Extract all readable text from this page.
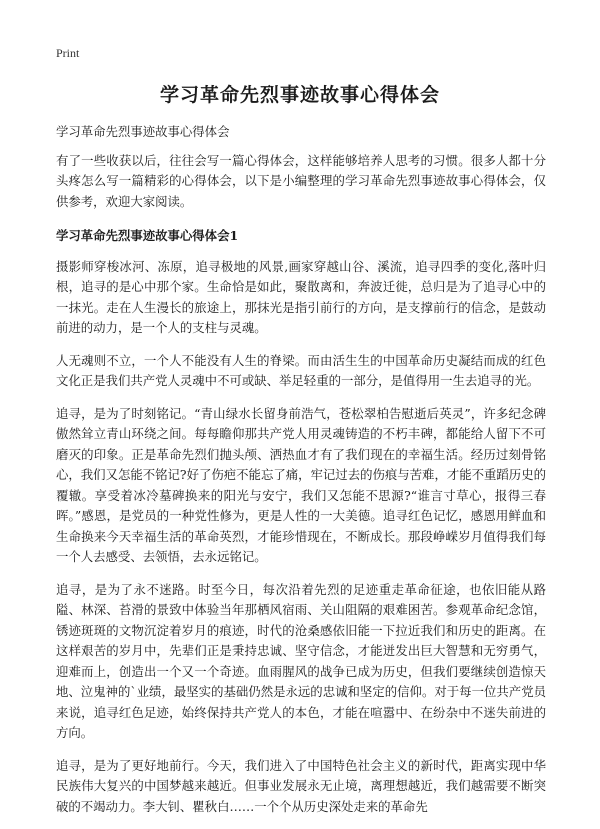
Print
学习革命先烈事迹故事心得体会

学习革命先烈事迹故事心得体会

有了一些收获以后，往往会写一篇心得体会，这样能够培养人思考的习惯。很多人都十分头疼怎么写一篇精彩的心得体会，以下是小编整理的学习革命先烈事迹故事心得体会，仅供参考，欢迎大家阅读。

学习革命先烈事迹故事心得体会1

摄影师穿梭冰河、冻原，追寻极地的风景,画家穿越山谷、溪流，追寻四季的变化,落叶归根，追寻的是心中那个家。生命恰是如此，聚散离和，奔波迁徙，总归是为了追寻心中的一抹光。走在人生漫长的旅途上，那抹光是指引前行的方向，是支撑前行的信念，是鼓动前进的动力，是一个人的支柱与灵魂。

人无魂则不立，一个人不能没有人生的脊梁。而由活生生的中国革命历史凝结而成的红色文化正是我们共产党人灵魂中不可或缺、举足轻重的一部分，是值得用一生去追寻的光。

追寻，是为了时刻铭记。“青山绿水长留身前浩气，苍松翠柏告慰逝后英灵”，许多纪念碑傲然耸立青山环绕之间。每每瞻仰那共产党人用灵魂铸造的不朽丰碑，都能给人留下不可磨灭的印象。正是革命先烈们抛头颅、洒热血才有了我们现在的幸福生活。经历过刻骨铭心，我们又怎能不铭记?好了伤疤不能忘了痛，牢记过去的伤痕与苦难，才能不重蹈历史的覆辙。享受着冰冷墓碑换来的阳光与安宁，我们又怎能不思源?“谁言寸草心，报得三春晖。”感恩，是党员的一种党性修为，更是人性的一大美德。追寻红色记忆，感恩用鲜血和生命换来今天幸福生活的革命英烈，才能珍惜现在，不断成长。那段峥嵘岁月值得我们每一个人去感受、去领悟，去永远铭记。

追寻，是为了永不迷路。时至今日，每次沿着先烈的足迹重走革命征途，也依旧能从路隘、林深、苔滑的景致中体验当年那栖风宿雨、关山阻隔的艰难困苦。参观革命纪念馆，锈迹斑斑的文物沉淀着岁月的痕迹，时代的沧桑感依旧能一下拉近我们和历史的距离。在这样艰苦的岁月中，先辈们正是秉持忠诚、坚守信念，才能迸发出巨大智慧和无穷勇气，迎难而上，创造出一个又一个奇迹。血雨腥风的战争已成为历史，但我们要继续创造惊天地、泣鬼神的`业绩，最坚实的基础仍然是永远的忠诚和坚定的信仰。对于每一位共产党员来说，追寻红色足迹，始终保持共产党人的本色，才能在喧嚣中、在纷杂中不迷失前进的方向。

追寻，是为了更好地前行。今天，我们进入了中国特色社会主义的新时代，距离实现中华民族伟大复兴的中国梦越来越近。但事业发展永无止境，离理想越近，我们越需要不断突破的不竭动力。李大钊、瞿秋白……一个个从历史深处走来的革命先
